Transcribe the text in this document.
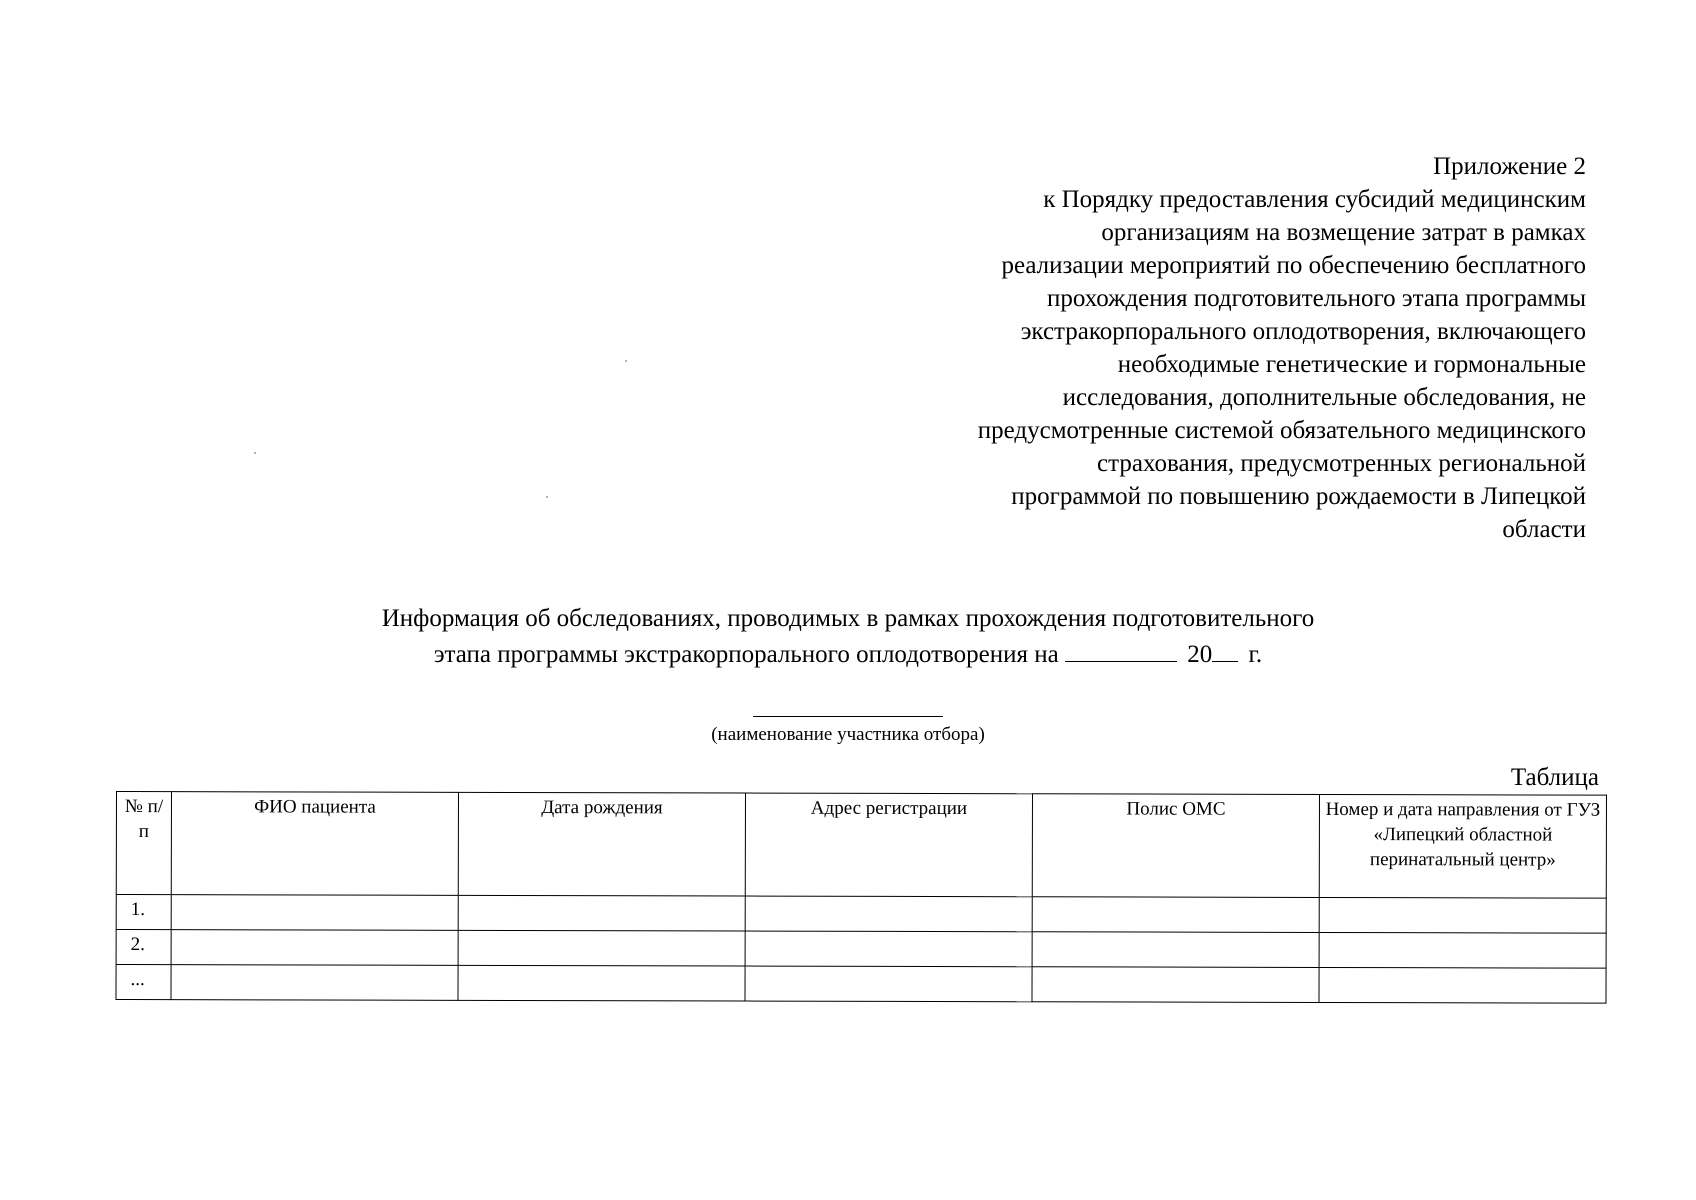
Приложение 2
к Порядку предоставления субсидий медицинским
организациям на возмещение затрат в рамках
реализации мероприятий по обеспечению бесплатного
прохождения подготовительного этапа программы
экстракорпорального оплодотворения, включающего
необходимые генетические и гормональные
исследования, дополнительные обследования, не
предусмотренные системой обязательного медицинского
страхования, предусмотренных региональной
программой по повышению рождаемости в Липецкой
области
Информация об обследованиях, проводимых в рамках прохождения подготовительного
этапа программы экстракорпорального оплодотворения на	20 г.
(наименование участника отбора)
Таблица
№ п/п	ФИО пациента	Дата рождения	Адрес регистрации	Полис ОМС	Номер и дата направления от ГУЗ «Липецкий областной перинатальный центр»
1.					
2.					
...					
